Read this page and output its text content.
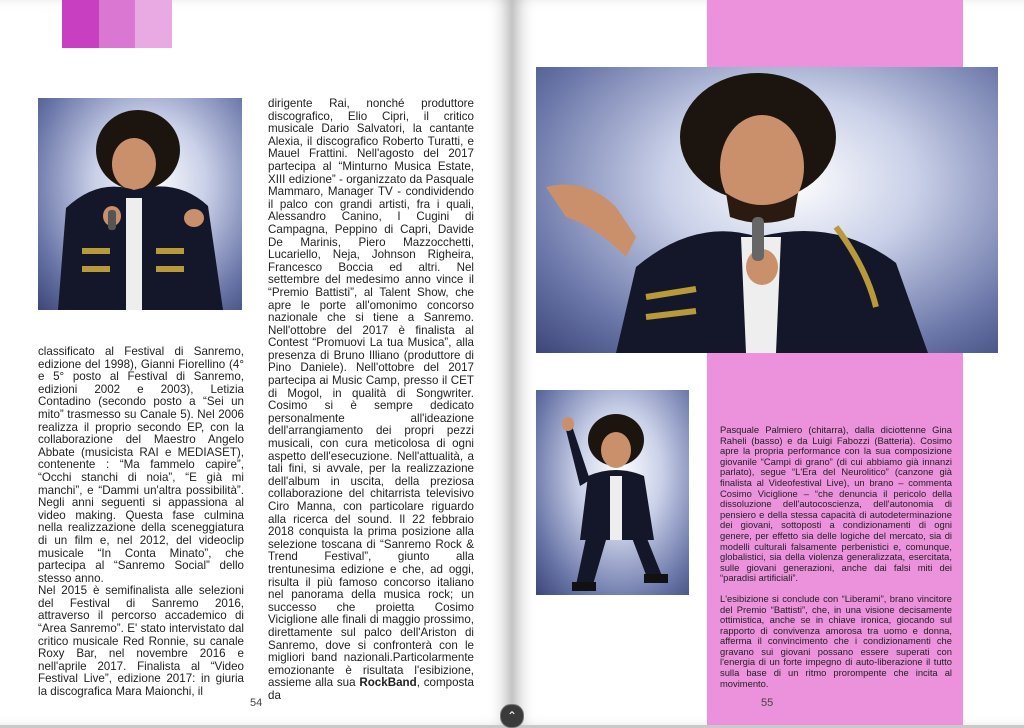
classificato al Festival di Sanremo, edizione del 1998), Gianni Fiorellino (4° e 5° posto al Festival di Sanremo, edizioni 2002 e 2003), Letizia Contadino (secondo posto a “Sei un mito” trasmesso su Canale 5). Nel 2006 realizza il proprio secondo EP, con la collaborazione del Maestro Angelo Abbate (musicista RAI e MEDIASET), contenente : “Ma fammelo capire”, “Occhi stanchi di noia”, “E già mi manchi”, e “Dammi un'altra possibilità”. Negli anni seguenti si appassiona al video making. Questa fase culmina nella realizzazione della sceneggiatura di un film e, nel 2012, del videoclip musicale “In Conta Minato”, che partecipa al “Sanremo Social” dello stesso anno.
Nel 2015 è semifinalista alle selezioni del Festival di Sanremo 2016, attraverso il percorso accademico di “Area Sanremo”. E' stato intervistato dal critico musicale Red Ronnie, su canale Roxy Bar, nel novembre 2016 e nell'aprile 2017. Finalista al “Video Festival Live”, edizione 2017: in giuria la discografica Mara Maionchi, il

dirigente Rai, nonché produttore discografico, Elio Cipri, il critico musicale Dario Salvatori, la cantante Alexia, il discografico Roberto Turatti, e Mauel Frattini. Nell'agosto del 2017 partecipa al “Minturno Musica Estate, XIII edizione” - organizzato da Pasquale Mammaro, Manager TV - condividendo il palco con grandi artisti, fra i quali, Alessandro Canino, I Cugini di Campagna, Peppino di Capri, Davide De Marinis, Piero Mazzocchetti, Lucariello, Neja, Johnson Righeira, Francesco Boccia ed altri. Nel settembre del medesimo anno vince il “Premio Battisti”, al Talent Show, che apre le porte all'omonimo concorso nazionale che si tiene a Sanremo. Nell'ottobre del 2017 è finalista al Contest “Promuovi La tua Musica”, alla presenza di Bruno Illiano (produttore di Pino Daniele). Nell'ottobre del 2017 partecipa ai Music Camp, presso il CET di Mogol, in qualità di Songwriter. Cosimo si è sempre dedicato personalmente all'ideazione dell'arrangiamento dei propri pezzi musicali, con cura meticolosa di ogni aspetto dell'esecuzione. Nell'attualità, a tali fini, si avvale, per la realizzazione dell'album in uscita, della preziosa collaborazione del chitarrista televisivo Ciro Manna, con particolare riguardo alla ricerca del sound. Il 22 febbraio 2018 conquista la prima posizione alla selezione toscana di “Sanremo Rock & Trend Festival”, giunto alla trentunesima edizione e che, ad oggi, risulta il più famoso concorso italiano nel panorama della musica rock; un successo che proietta Cosimo Viciglione alle finali di maggio prossimo, direttamente sul palco dell'Ariston di Sanremo, dove si confronterà con le migliori band nazionali.Particolarmente emozionante è risultata l'esibizione, assieme alla sua RockBand, composta da

54

Pasquale Palmiero (chitarra), dalla diciottenne Gina Raheli (basso) e da Luigi Fabozzi (Batteria). Cosimo apre la propria performance con la sua composizione giovanile “Campi di grano” (di cui abbiamo già innanzi parlato), segue “L'Era del Neurolitico” (canzone già finalista al Videofestival Live), un brano – commenta Cosimo Viciglione – “che denuncia il pericolo della dissoluzione dell'autocoscienza, dell'autonomia di pensiero e della stessa capacità di autodeterminazione dei giovani, sottoposti a condizionamenti di ogni genere, per effetto sia delle logiche del mercato, sia di modelli culturali falsamente perbenistici e, comunque, globalistici, sia della violenza generalizzata, esercitata, sulle giovani generazioni, anche dai falsi miti dei “paradisi artificiali”.

L'esibizione si conclude con “Liberami”, brano vincitore del Premio “Battisti”, che, in una visione decisamente ottimistica, anche se in chiave ironica, giocando sul rapporto di convivenza amorosa tra uomo e donna, afferma il convincimento che i condizionamenti che gravano sui giovani possano essere superati con l'energia di un forte impegno di auto-liberazione il tutto sulla base di un ritmo prorompente che incita al movimento.

55
⌃
